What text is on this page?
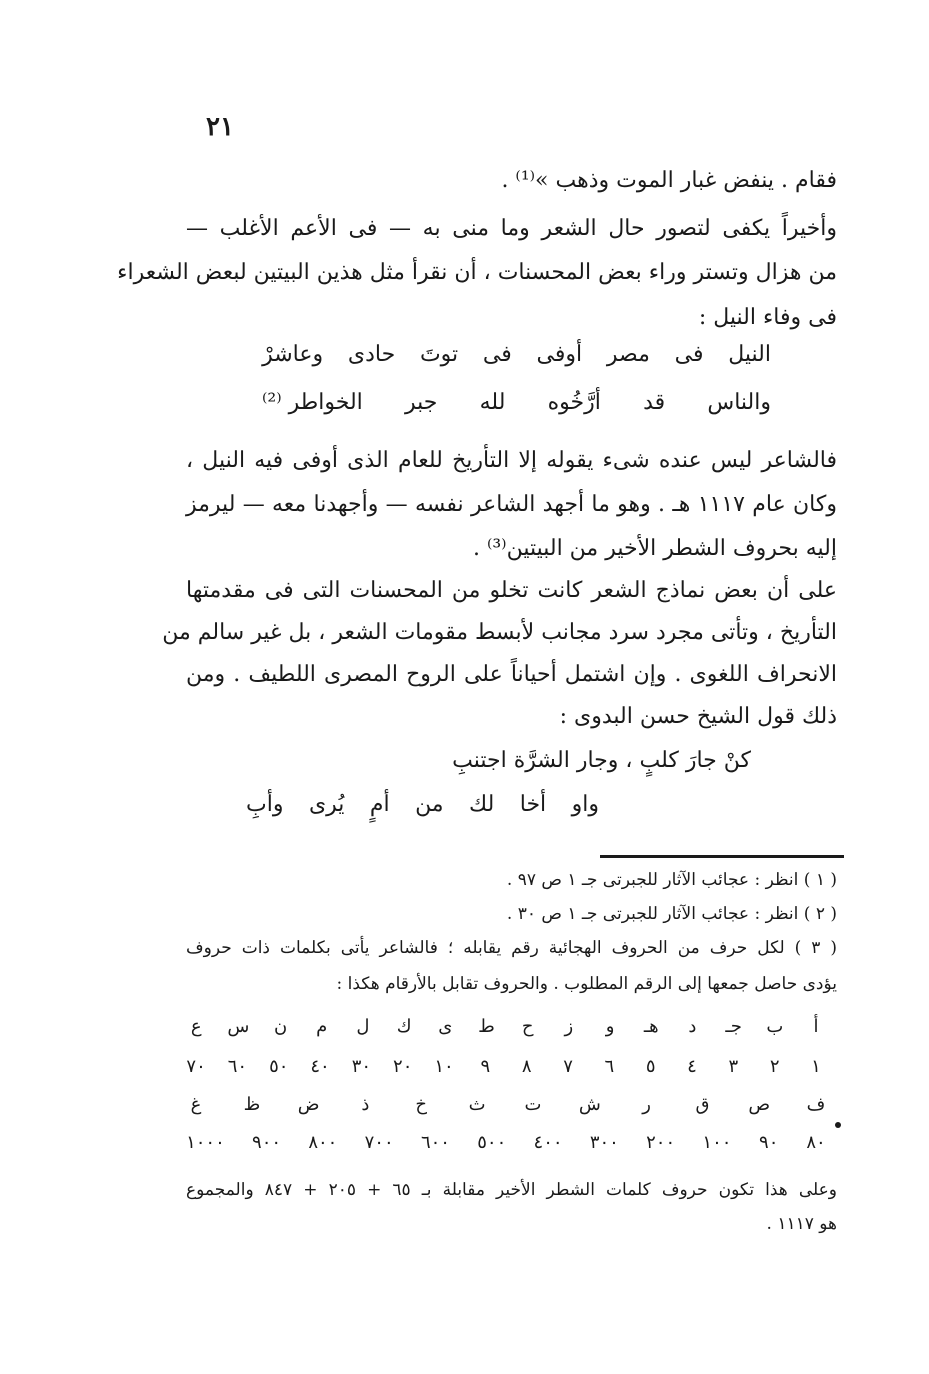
٢١
فقام . ينفض غبار الموت وذهب »⁽¹⁾ .
وأخيراً يكفى لتصور حال الشعر وما منى به — فى الأعم الأغلب —
من هزال وتستر وراء بعض المحسنات ، أن نقرأ مثل هذين البيتين لبعض الشعراء
فى وفاء النيل :
النيل
فى
مصر
أوفى
فى
توتَ
حادى
وعاشرْ
والناس
قد
أرَّخُوه
لله
جبر
الخواطر ⁽²⁾
فالشاعر ليس عنده شىء يقوله إلا التأريخ للعام الذى أوفى فيه النيل ،
وكان عام ١١١٧ هـ . وهو ما أجهد الشاعر نفسه — وأجهدنا معه — ليرمز
إليه بحروف الشطر الأخير من البيتين⁽³⁾ .
على أن بعض نماذج الشعر كانت تخلو من المحسنات التى فى مقدمتها
التأريخ ، وتأتى مجرد سرد مجانب لأبسط مقومات الشعر ، بل غير سالم من
الانحراف اللغوى . وإن اشتمل أحياناً على الروح المصرى اللطيف . ومن
ذلك قول الشيخ حسن البدوى :
كنْ جارَ كلبٍ ، وجار الشرَّة اجتنبِ
واو
أخا
لك
من
أمٍ
يُرى
وأبِ
( ١ ) انظر : عجائب الآثار للجبرتى جـ ١ ص ٩٧ .
( ٢ ) انظر : عجائب الآثار للجبرتى جـ ١ ص ٣٠ .
( ٣ ) لكل حرف من الحروف الهجائية رقم يقابله ؛ فالشاعر يأتى بكلمات ذات حروف
يؤدى حاصل جمعها إلى الرقم المطلوب . والحروف تقابل بالأرقام هكذا :
أ
ب
جـ
د
هـ
و
ز
ح
ط
ى
ك
ل
م
ن
س
ع
١
٢
٣
٤
٥
٦
٧
٨
٩
١٠
٢٠
٣٠
٤٠
٥٠
٦٠
٧٠
ف
ص
ق
ر
ش
ت
ث
خ
ذ
ض
ظ
غ
٨٠
٩٠
١٠٠
٢٠٠
٣٠٠
٤٠٠
٥٠٠
٦٠٠
٧٠٠
٨٠٠
٩٠٠
١٠٠٠
وعلى هذا تكون حروف كلمات الشطر الأخير مقابلة بـ ٦٥ + ٢٠٥ + ٨٤٧ والمجموع
هو ١١١٧ .
